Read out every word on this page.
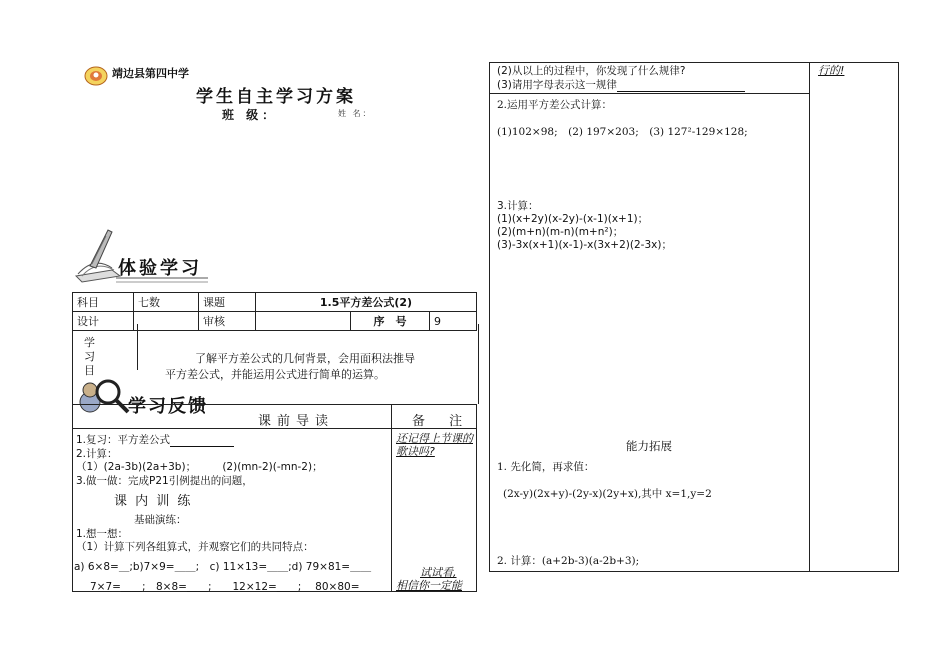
靖边县第四中学
学生自主学习方案
班 级：	姓 名：
体验学习
科目	七数	课题	1.5平方差公式(2)		
设计		审核		序　号	9
学习目
了解平方差公式的几何背景，会用面积法推导
平方差公式，并能运用公式进行简单的运算。
学习反馈
课前导读	备 注
1.复习：平方差公式
2.计算：
（1）(2a-3b)(2a+3b)；　　　(2)(mn-2)(-mn-2)；
3.做一做：完成P21引例提出的问题，
课 内 训 练
基础演练：
1.想一想：
（1）计算下列各组算式，并观察它们的共同特点：
a) 6×8=＿;b)7×9=＿＿;　c) 11×13=＿＿;d) 79×81=＿＿
7×7=＿＿;　8×8=＿＿;　　12×12=＿＿;　 80×80=＿＿
还记得上节课的歌诀吗?
试试看,
相信你一定能
(2)从以上的过程中，你发现了什么规律?
(3)请用字母表示这一规律
行的!
2.运用平方差公式计算：
(1)102×98;　(2) 197×203;　(3) 127²-129×128;
3.计算：
(1)(x+2y)(x-2y)-(x-1)(x+1)；
(2)(m+n)(m-n)(m+n²)；
(3)-3x(x+1)(x-1)-x(3x+2)(2-3x)；
能力拓展
1. 先化简，再求值：
(2x-y)(2x+y)-(2y-x)(2y+x),其中 x=1,y=2
2. 计算：(a+2b-3)(a-2b+3);
